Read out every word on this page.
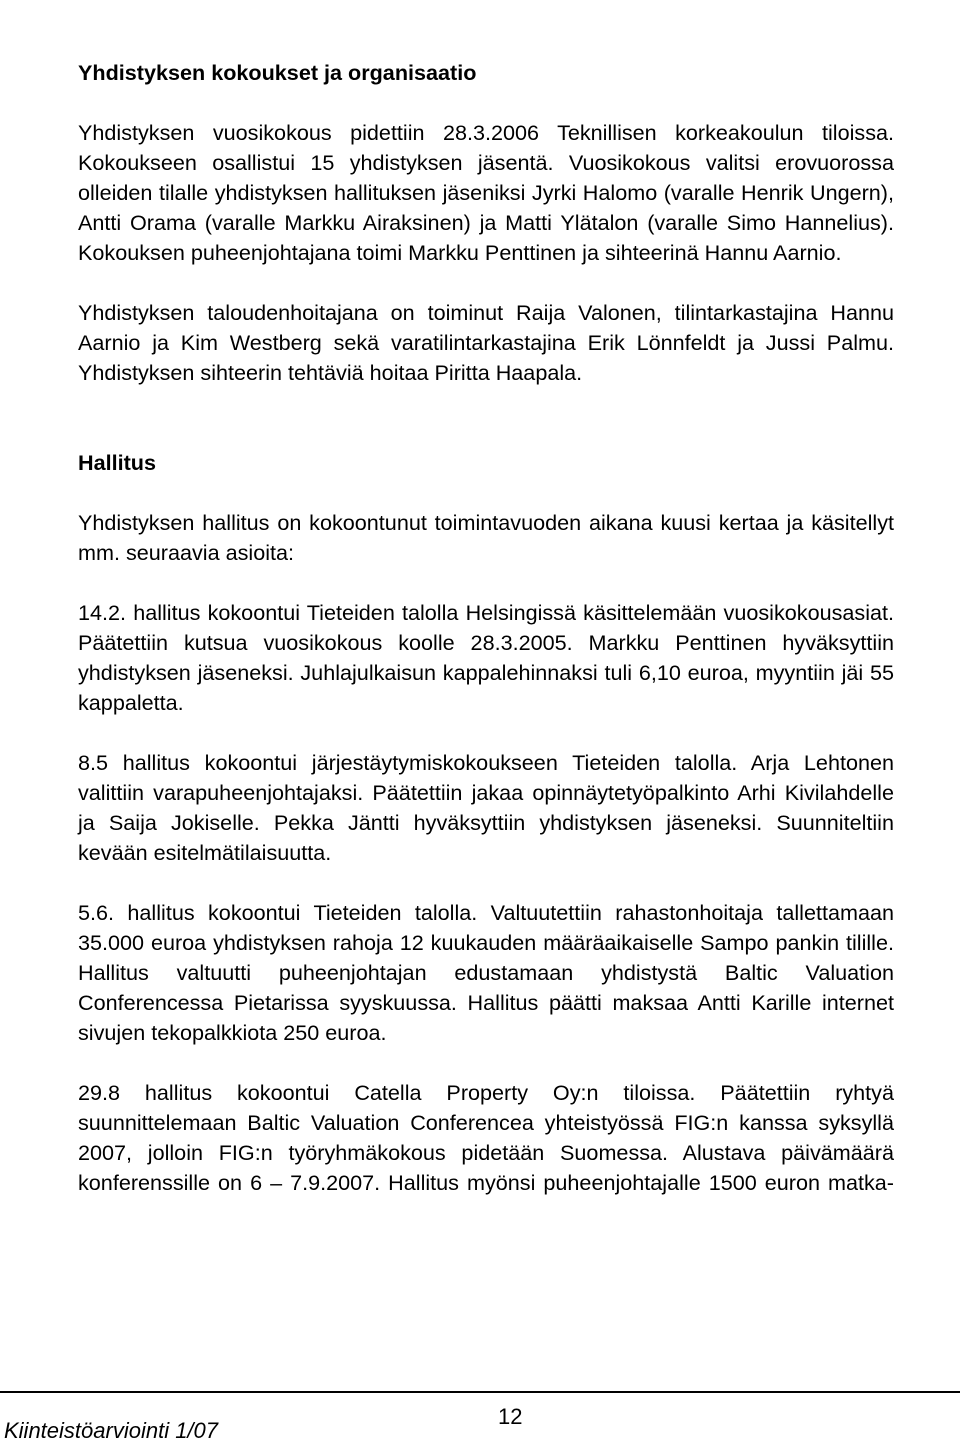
Yhdistyksen kokoukset ja organisaatio

Yhdistyksen vuosikokous pidettiin 28.3.2006 Teknillisen korkeakoulun tiloissa. Kokoukseen osallistui 15 yhdistyksen jäsentä. Vuosikokous valitsi erovuorossa olleiden tilalle yhdistyksen hallituksen jäseniksi Jyrki Halomo (varalle Henrik Ungern), Antti Orama (varalle Markku Airaksinen) ja Matti Ylätalon (varalle Simo Hannelius). Kokouksen puheenjohtajana toimi Markku Penttinen ja sihteerinä Hannu Aarnio.

Yhdistyksen taloudenhoitajana on toiminut Raija Valonen, tilintarkastajina Hannu Aarnio ja Kim Westberg sekä varatilintarkastajina Erik Lönnfeldt ja Jussi Palmu. Yhdistyksen sihteerin tehtäviä hoitaa Piritta Haapala.

Hallitus

Yhdistyksen hallitus on kokoontunut toimintavuoden aikana kuusi kertaa ja käsitellyt mm. seuraavia asioita:

14.2. hallitus kokoontui Tieteiden talolla Helsingissä käsittelemään vuosikokousasiat. Päätettiin kutsua vuosikokous koolle 28.3.2005. Markku Penttinen hyväksyttiin yhdistyksen jäseneksi. Juhlajulkaisun kappalehinnaksi tuli 6,10 euroa, myyntiin jäi 55 kappaletta.

8.5 hallitus kokoontui järjestäytymiskokoukseen Tieteiden talolla. Arja Lehtonen valittiin varapuheenjohtajaksi. Päätettiin jakaa opinnäytetyöpalkinto Arhi Kivilahdelle ja Saija Jokiselle. Pekka Jäntti hyväksyttiin yhdistyksen jäseneksi. Suunniteltiin kevään esitelmätilaisuutta.

5.6. hallitus kokoontui Tieteiden talolla. Valtuutettiin rahastonhoitaja tallettamaan 35.000 euroa yhdistyksen rahoja 12 kuukauden määräaikaiselle Sampo pankin tilille. Hallitus valtuutti puheenjohtajan edustamaan yhdistystä Baltic Valuation Conferencessa Pietarissa syyskuussa. Hallitus päätti maksaa Antti Karille internet sivujen tekopalkkiota 250 euroa.

29.8 hallitus kokoontui Catella Property Oy:n tiloissa. Päätettiin ryhtyä suunnittelemaan Baltic Valuation Conferencea yhteistyössä FIG:n kanssa syksyllä 2007, jolloin FIG:n työryhmäkokous pidetään Suomessa. Alustava päivämäärä konferenssille on 6 – 7.9.2007. Hallitus myönsi puheenjohtajalle 1500 euron matka-

Kiinteistöarviointi 1/07
12
